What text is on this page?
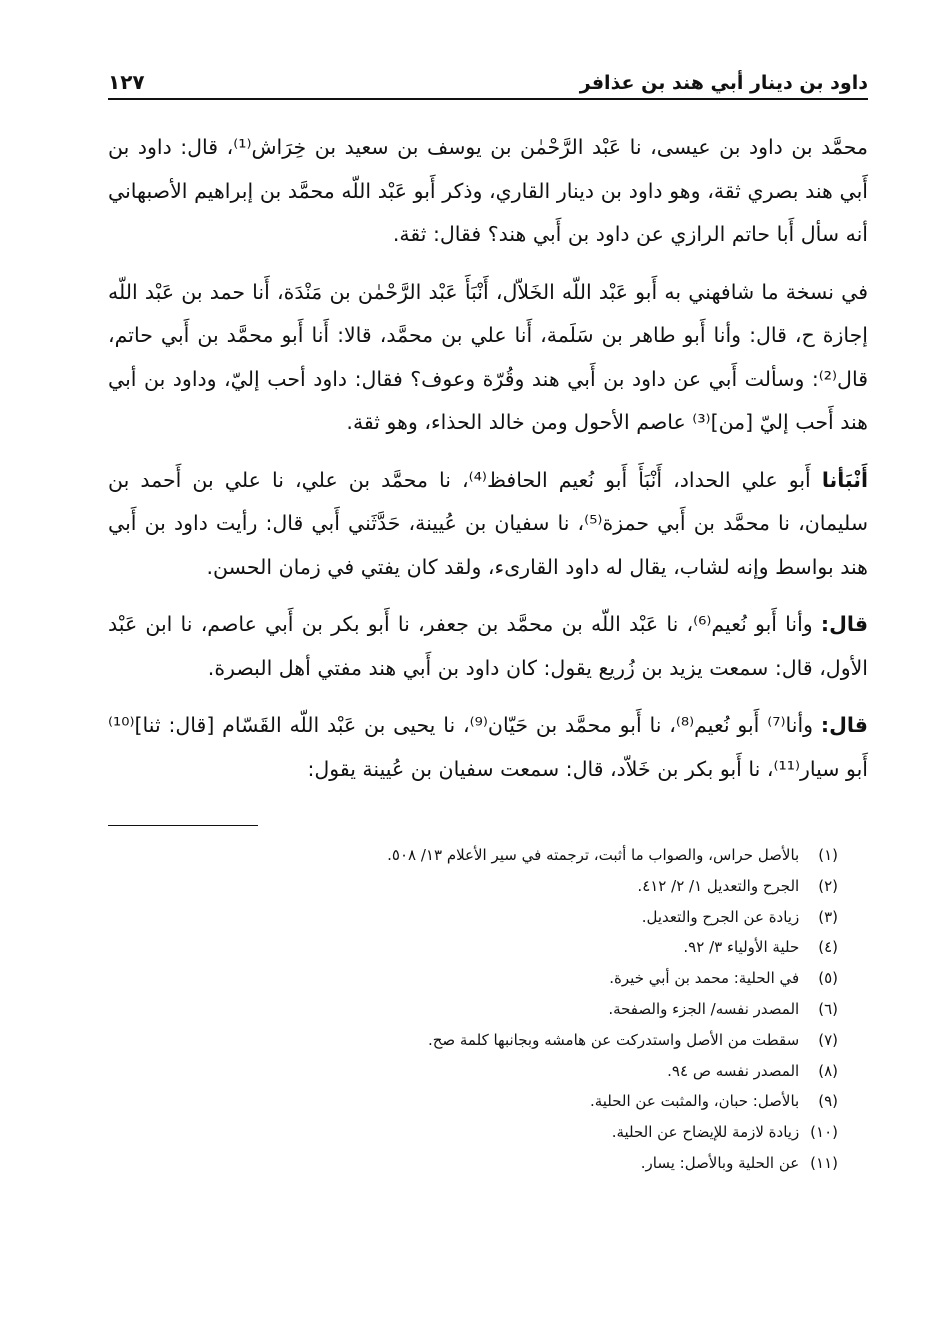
داود بن دينار أبي هند بن عذافر
١٢٧

محمَّد بن داود بن عيسى، نا عَبْد الرَّحْمٰن بن يوسف بن سعيد بن خِرَاش⁽¹⁾، قال: داود بن أَبي هند بصري ثقة، وهو داود بن دينار القاري، وذكر أَبو عَبْد اللّه محمَّد بن إبراهيم الأصبهاني أنه سأل أَبا حاتم الرازي عن داود بن أَبي هند؟ فقال: ثقة.

في نسخة ما شافهني به أَبو عَبْد اللّه الخَلاّل، أَنْبَأَ عَبْد الرَّحْمٰن بن مَنْدَة، أَنا حمد بن عَبْد اللّه إجازة ح، قال: وأنا أَبو طاهر بن سَلَمة، أَنا علي بن محمَّد، قالا: أَنا أَبو محمَّد بن أَبي حاتم، قال⁽²⁾: وسألت أَبي عن داود بن أَبي هند وقُرّة وعوف؟ فقال: داود أحب إليّ، وداود بن أبي هند أَحب إليّ [من]⁽³⁾ عاصم الأحول ومن خالد الحذاء، وهو ثقة.

أَنْبَأنا أَبو علي الحداد، أَنْبَأَ أَبو نُعيم الحافظ⁽⁴⁾، نا محمَّد بن علي، نا علي بن أَحمد بن سليمان، نا محمَّد بن أَبي حمزة⁽⁵⁾، نا سفيان بن عُيينة، حَدَّثَني أَبي قال: رأيت داود بن أَبي هند بواسط وإنه لشاب، يقال له داود القارىء، ولقد كان يفتي في زمان الحسن.

قال: وأنا أَبو نُعيم⁽⁶⁾، نا عَبْد اللّه بن محمَّد بن جعفر، نا أَبو بكر بن أَبي عاصم، نا ابن عَبْد الأول، قال: سمعت يزيد بن زُريع يقول: كان داود بن أَبي هند مفتي أهل البصرة.

قال: وأنا⁽⁷⁾ أَبو نُعيم⁽⁸⁾، نا أَبو محمَّد بن حَيّان⁽⁹⁾، نا يحيى بن عَبْد اللّه القَسّام [قال: ثنا]⁽¹⁰⁾ أَبو سيار⁽¹¹⁾، نا أَبو بكر بن خَلاّد، قال: سمعت سفيان بن عُيينة يقول:

(١) بالأصل حراس، والصواب ما أثبت، ترجمته في سير الأعلام ١٣/ ٥٠٨.
(٢) الجرح والتعديل ١/ ٢/ ٤١٢.
(٣) زيادة عن الجرح والتعديل.
(٤) حلية الأولياء ٣/ ٩٢.
(٥) في الحلية: محمد بن أبي خيرة.
(٦) المصدر نفسه/ الجزء والصفحة.
(٧) سقطت من الأصل واستدركت عن هامشه وبجانبها كلمة صح.
(٨) المصدر نفسه ص ٩٤.
(٩) بالأصل: حبان، والمثبت عن الحلية.
(١٠) زيادة لازمة للإيضاح عن الحلية.
(١١) عن الحلية وبالأصل: يسار.
